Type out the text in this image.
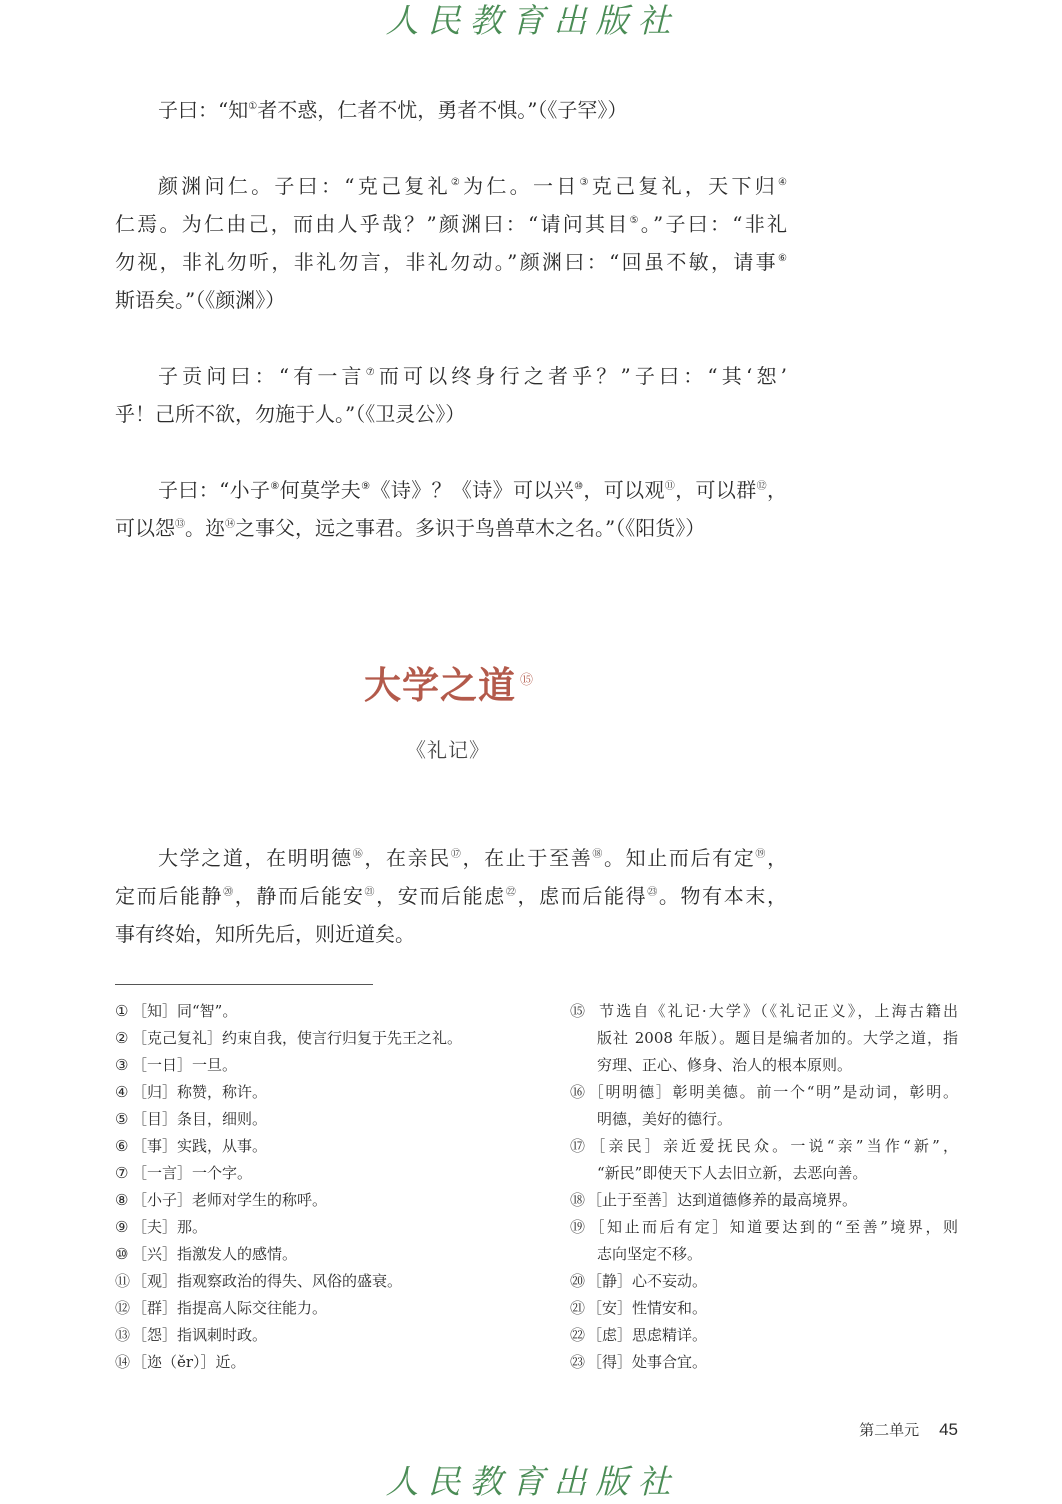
人民教育出版社
子曰：“知①者不惑，仁者不忧，勇者不惧。”（《子罕》）
颜渊问仁。子曰：“克己复礼②为仁。一日③克己复礼，天下归④
仁焉。为仁由己，而由人乎哉？”颜渊曰：“请问其目⑤。”子曰：“非礼
勿视，非礼勿听，非礼勿言，非礼勿动。”颜渊曰：“回虽不敏，请事⑥
斯语矣。”（《颜渊》）
子贡问曰：“有一言⑦而可以终身行之者乎？”子曰：“其‘恕’
乎！己所不欲，勿施于人。”（《卫灵公》）
子曰：“小子⑧何莫学夫⑨《诗》？《诗》可以兴⑩，可以观⑪，可以群⑫，
可以怨⑬。迩⑭之事父，远之事君。多识于鸟兽草木之名。”（《阳货》）
大学之道 ⑮
《礼记》
大学之道，在明明德⑯，在亲民⑰，在止于至善⑱。知止而后有定⑲，
定而后能静⑳，静而后能安$^㉑$，安而后能虑$^㉒$，虑而后能得$^㉓$。物有本末，
事有终始，知所先后，则近道矣。
① ［知］同“智”。
② ［克己复礼］约束自我，使言行归复于先王之礼。
③ ［一日］一旦。
④ ［归］称赞，称许。
⑤ ［目］条目，细则。
⑥ ［事］实践，从事。
⑦ ［一言］一个字。
⑧ ［小子］老师对学生的称呼。
⑨ ［夫］那。
⑩ ［兴］指激发人的感情。
⑪ ［观］指观察政治的得失、风俗的盛衰。
⑫ ［群］指提高人际交往能力。
⑬ ［怨］指讽刺时政。
⑭ ［迩（ěr）］近。
⑮ 节选自《礼记·大学》（《礼记正义》，上海古籍出
版社 2008 年版）。题目是编者加的。大学之道，指
穷理、正心、修身、治人的根本原则。
⑯ ［明明德］彰明美德。前一个“明”是动词，彰明。
明德，美好的德行。
⑰ ［亲民］亲近爱抚民众。一说“亲”当作“新”，
“新民”即使天下人去旧立新，去恶向善。
⑱ ［止于至善］达到道德修养的最高境界。
⑲ ［知止而后有定］知道要达到的“至善”境界，则
志向坚定不移。
⑳ ［静］心不妄动。
㉑ ［安］性情安和。
㉒ ［虑］思虑精详。
㉓ ［得］处事合宜。
第二单元 45
人民教育出版社
